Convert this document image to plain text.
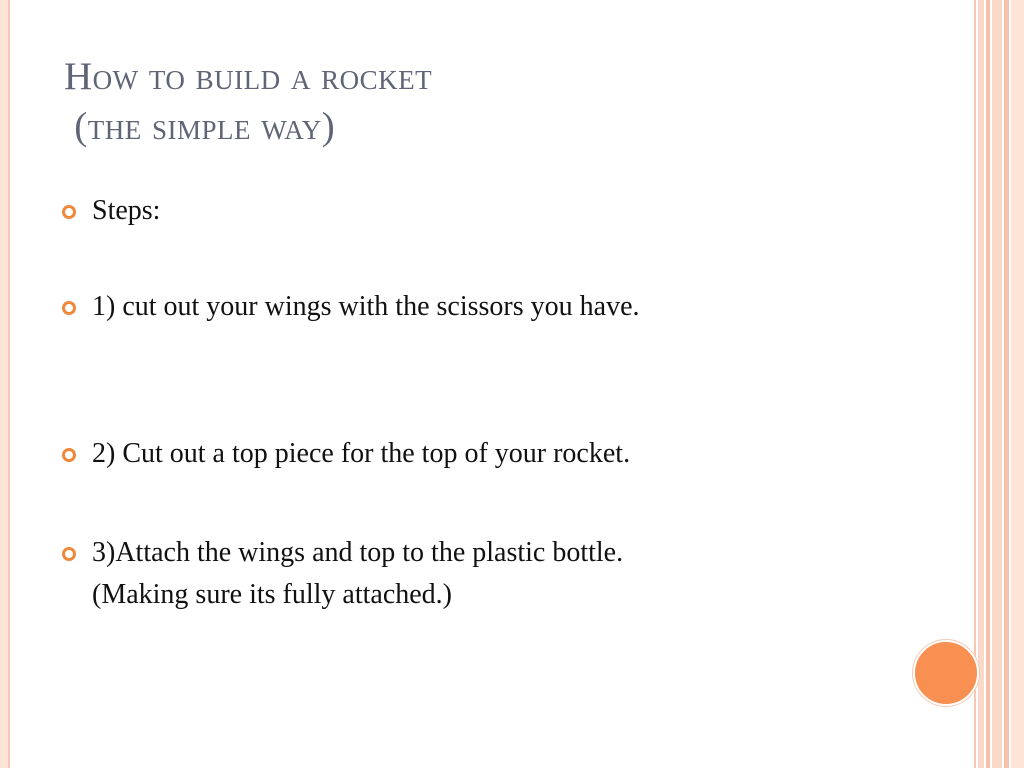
How to build a rocket
(the simple way)
Steps:
1) cut out your wings with the scissors you have.
2) Cut out a top piece for the top of your rocket.
3)Attach the wings and top to the plastic bottle.
(Making sure its fully attached.)
